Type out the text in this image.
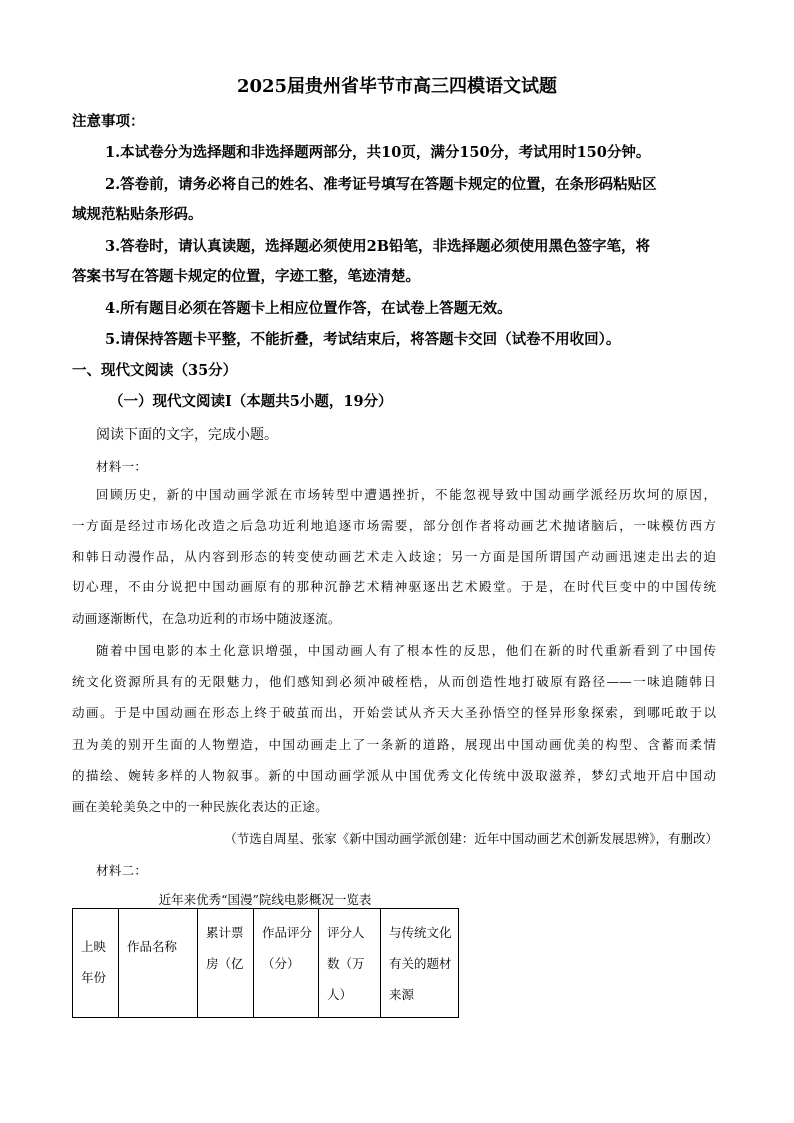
2025届贵州省毕节市高三四模语文试题
注意事项：
1.本试卷分为选择题和非选择题两部分，共10页，满分150分，考试用时150分钟。
2.答卷前，请务必将自己的姓名、准考证号填写在答题卡规定的位置，在条形码粘贴区
域规范粘贴条形码。
3.答卷时，请认真读题，选择题必须使用2B铅笔，非选择题必须使用黑色签字笔，将
答案书写在答题卡规定的位置，字迹工整，笔迹清楚。
4.所有题目必须在答题卡上相应位置作答，在试卷上答题无效。
5.请保持答题卡平整，不能折叠，考试结束后，将答题卡交回（试卷不用收回）。
一、现代文阅读（35分）
（一）现代文阅读Ⅰ（本题共5小题，19分）
阅读下面的文字，完成小题。
材料一：
回顾历史，新的中国动画学派在市场转型中遭遇挫折，不能忽视导致中国动画学派经历坎坷的原因，
一方面是经过市场化改造之后急功近利地追逐市场需要，部分创作者将动画艺术抛诸脑后，一味模仿西方
和韩日动漫作品，从内容到形态的转变使动画艺术走入歧途；另一方面是国所谓国产动画迅速走出去的迫
切心理，不由分说把中国动画原有的那种沉静艺术精神驱逐出艺术殿堂。于是，在时代巨变中的中国传统
动画逐渐断代，在急功近利的市场中随波逐流。
随着中国电影的本土化意识增强，中国动画人有了根本性的反思，他们在新的时代重新看到了中国传
统文化资源所具有的无限魅力，他们感知到必须冲破桎梏，从而创造性地打破原有路径——一味追随韩日
动画。于是中国动画在形态上终于破茧而出，开始尝试从齐天大圣孙悟空的怪异形象探索，到哪吒敢于以
丑为美的别开生面的人物塑造，中国动画走上了一条新的道路，展现出中国动画优美的构型、含蓄而柔情
的描绘、婉转多样的人物叙事。新的中国动画学派从中国优秀文化传统中汲取滋养，梦幻式地开启中国动
画在美轮美奂之中的一种民族化表达的正途。
（节选自周星、张家《新中国动画学派创建：近年中国动画艺术创新发展思辨》，有删改）
材料二：
近年来优秀“国漫”院线电影概况一览表
上映年份	作品名称	累计票房（亿	作品评分（分）	评分人数（万人）	与传统文化有关的题材来源
